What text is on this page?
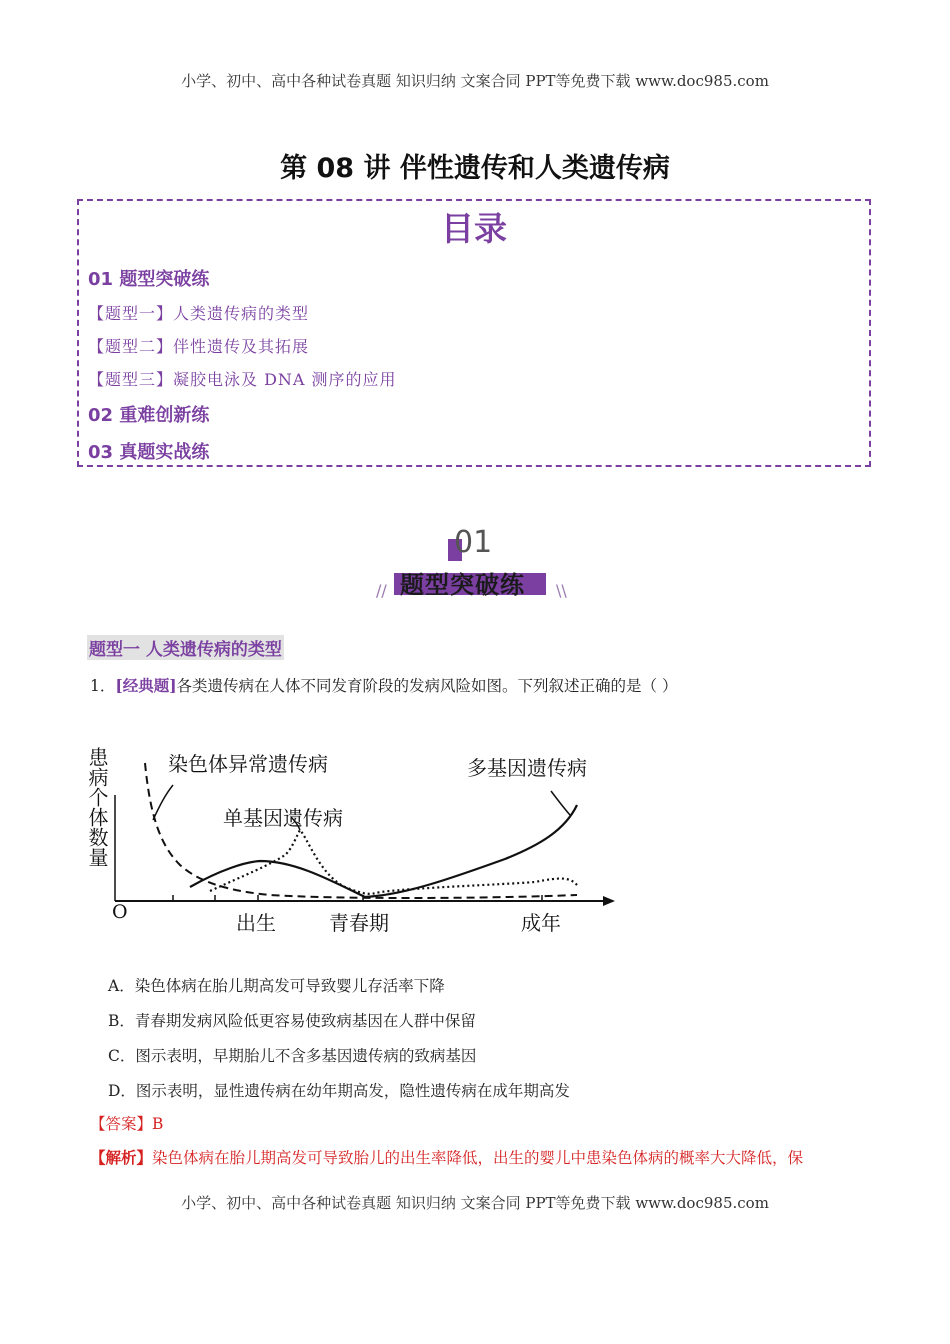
小学、初中、高中各种试卷真题 知识归纳 文案合同 PPT等免费下载 www.doc985.com
第 08 讲 伴性遗传和人类遗传病
目录
01 题型突破练
【题型一】人类遗传病的类型
【题型二】伴性遗传及其拓展
【题型三】凝胶电泳及 DNA 测序的应用
02 重难创新练
03 真题实战练
01
题型突破练
//	\\
题型一 人类遗传病的类型
1．[经典题]各类遗传病在人体不同发育阶段的发病风险如图。下列叙述正确的是（ ）
患病个体数量
O	出生	青春期	成年
染色体异常遗传病
单基因遗传病
多基因遗传病
A．染色体病在胎儿期高发可导致婴儿存活率下降
B．青春期发病风险低更容易使致病基因在人群中保留
C．图示表明，早期胎儿不含多基因遗传病的致病基因
D．图示表明，显性遗传病在幼年期高发，隐性遗传病在成年期高发
【答案】B
【解析】染色体病在胎儿期高发可导致胎儿的出生率降低，出生的婴儿中患染色体病的概率大大降低，保
小学、初中、高中各种试卷真题 知识归纳 文案合同 PPT等免费下载 www.doc985.com
